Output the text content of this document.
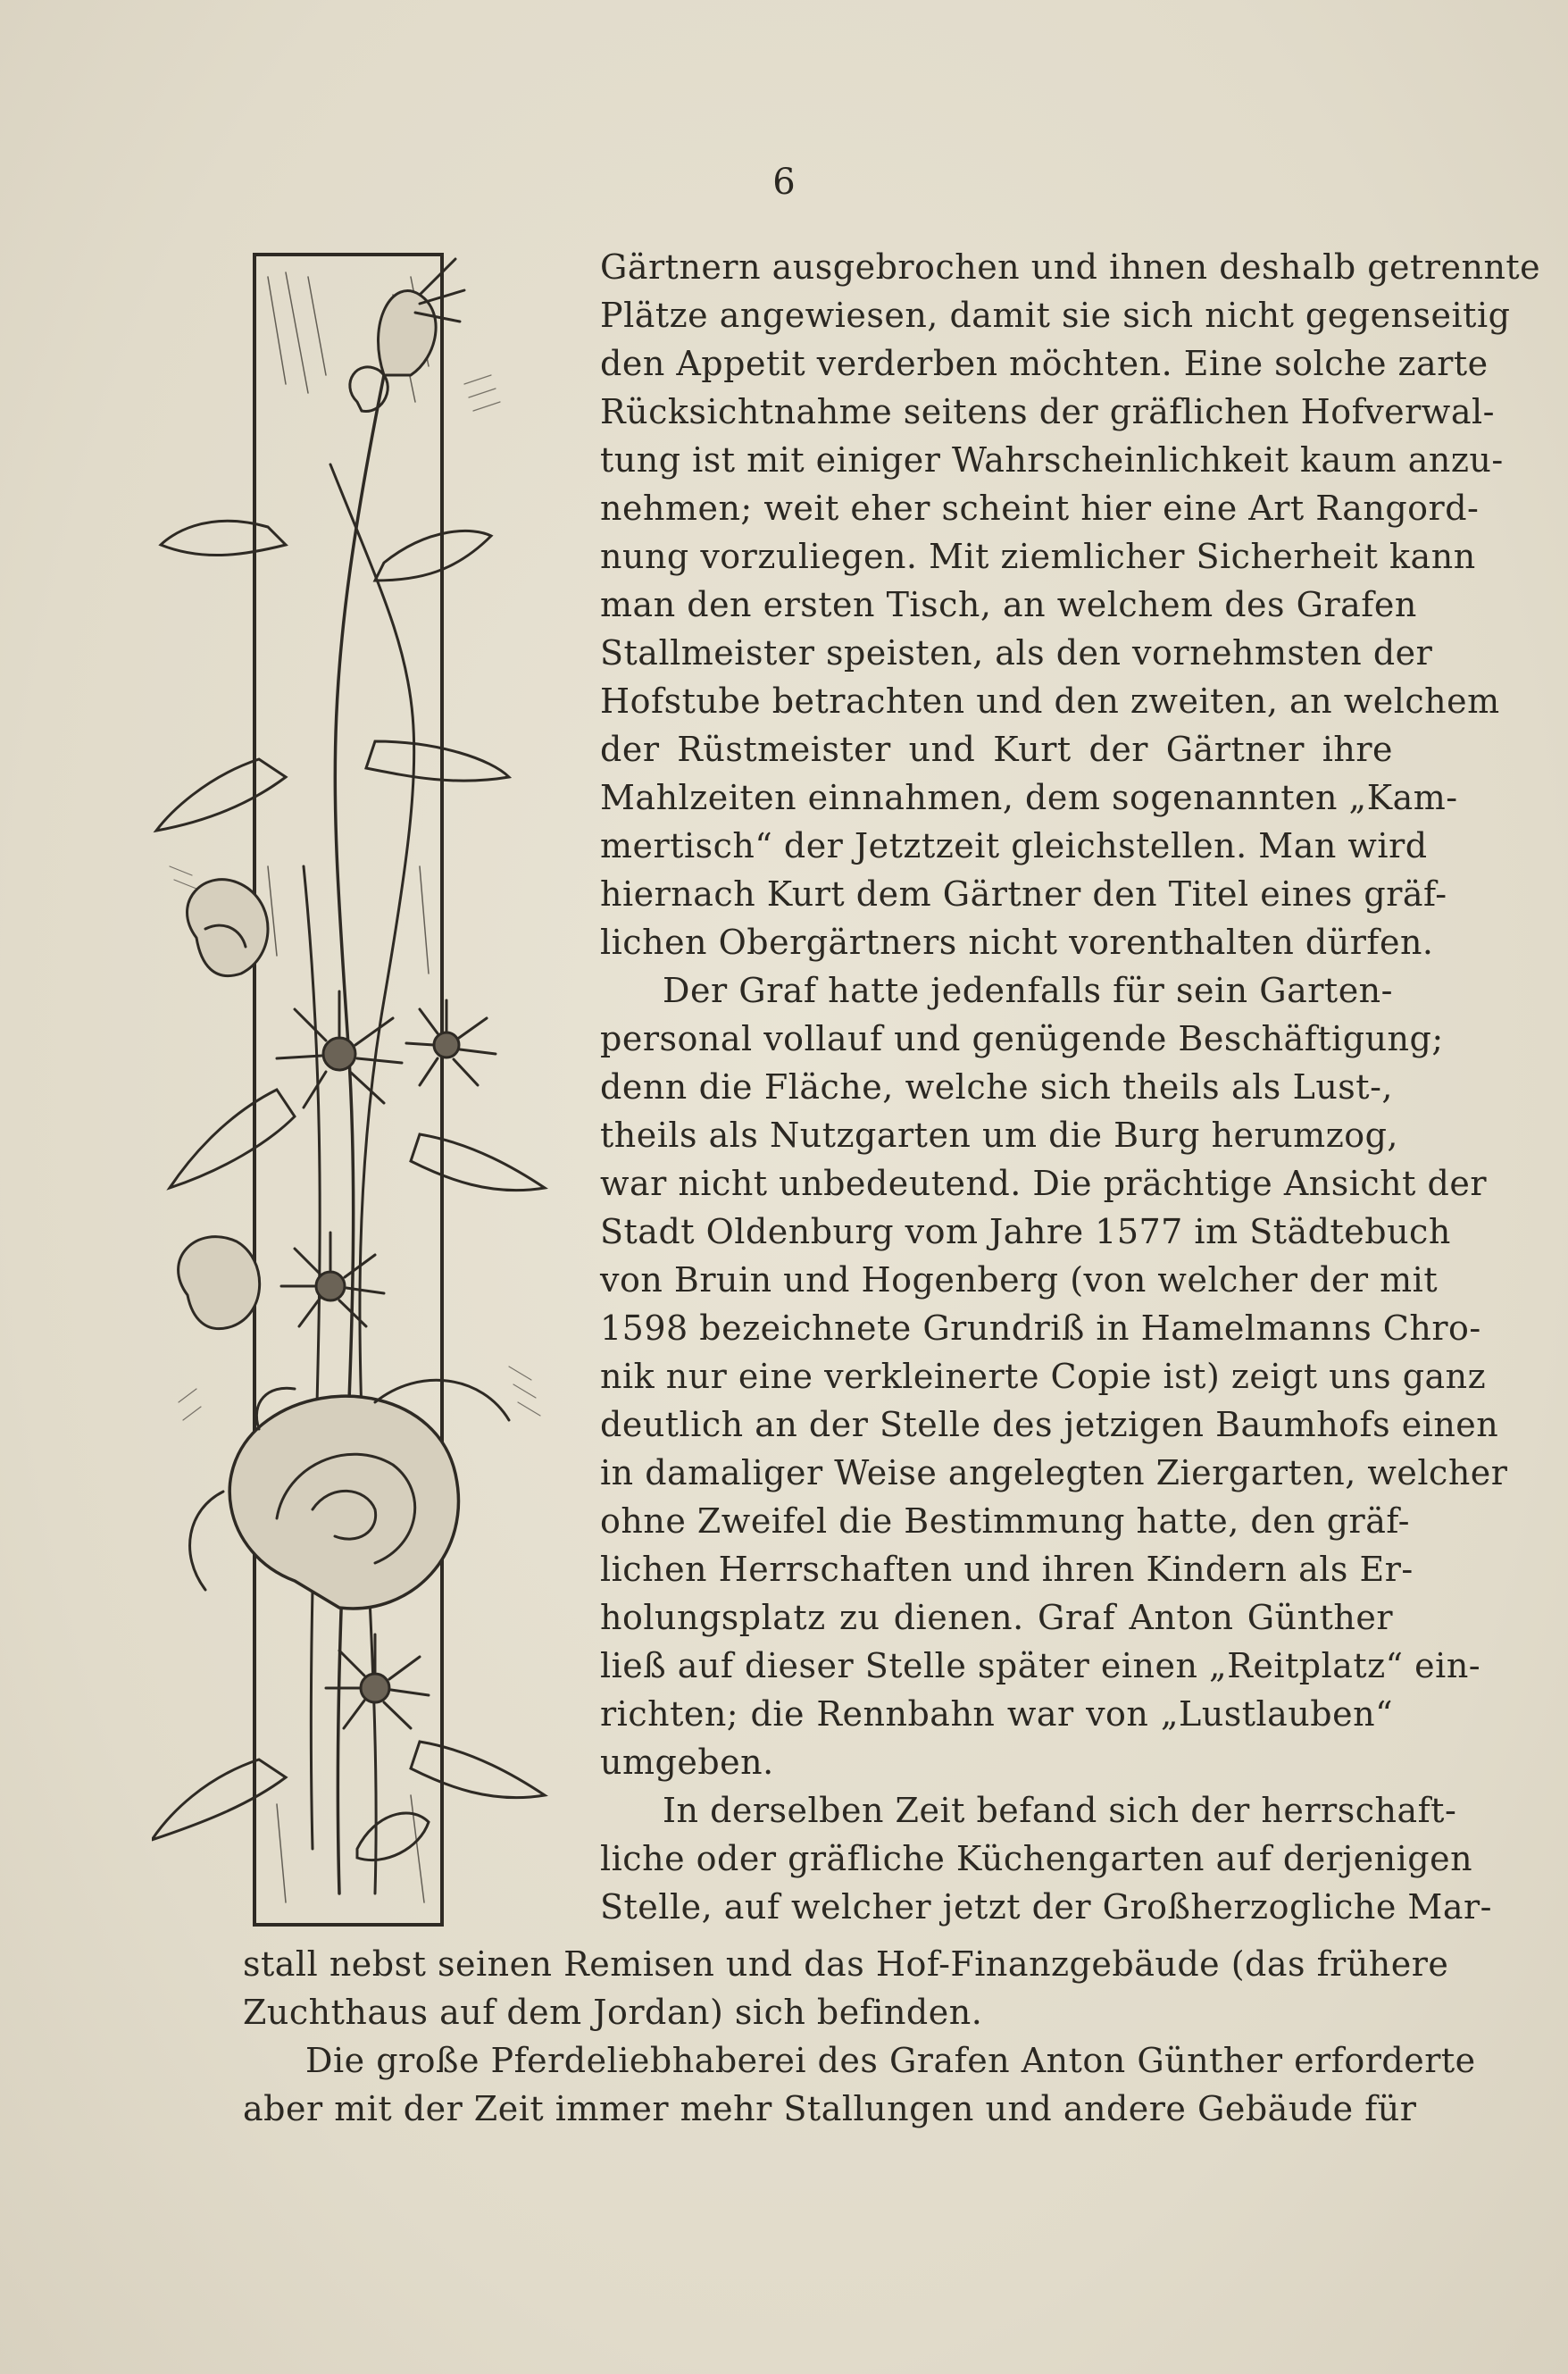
6
Gärtnern ausgebrochen und ihnen deshalb getrennte
Plätze angewiesen, damit sie sich nicht gegenseitig
den Appetit verderben möchten. Eine solche zarte
Rücksichtnahme seitens der gräflichen Hofverwal-
tung ist mit einiger Wahrscheinlichkeit kaum anzu-
nehmen; weit eher scheint hier eine Art Rangord-
nung vorzuliegen. Mit ziemlicher Sicherheit kann
man den ersten Tisch, an welchem des Grafen
Stallmeister speisten, als den vornehmsten der
Hofstube betrachten und den zweiten, an welchem
der Rüstmeister und Kurt der Gärtner ihre
Mahlzeiten einnahmen, dem sogenannten „Kam-
mertisch“ der Jetztzeit gleichstellen. Man wird
hiernach Kurt dem Gärtner den Titel eines gräf-
lichen Obergärtners nicht vorenthalten dürfen.
Der Graf hatte jedenfalls für sein Garten-
personal vollauf und genügende Beschäftigung;
denn die Fläche, welche sich theils als Lust-,
theils als Nutzgarten um die Burg herumzog,
war nicht unbedeutend. Die prächtige Ansicht der
Stadt Oldenburg vom Jahre 1577 im Städtebuch
von Bruin und Hogenberg (von welcher der mit
1598 bezeichnete Grundriß in Hamelmanns Chro-
nik nur eine verkleinerte Copie ist) zeigt uns ganz
deutlich an der Stelle des jetzigen Baumhofs einen
in damaliger Weise angelegten Ziergarten, welcher
ohne Zweifel die Bestimmung hatte, den gräf-
lichen Herrschaften und ihren Kindern als Er-
holungsplatz zu dienen. Graf Anton Günther
ließ auf dieser Stelle später einen „Reitplatz“ ein-
richten; die Rennbahn war von „Lustlauben“
umgeben.
In derselben Zeit befand sich der herrschaft-
liche oder gräfliche Küchengarten auf derjenigen
Stelle, auf welcher jetzt der Großherzogliche Mar-
stall nebst seinen Remisen und das Hof-Finanzgebäude (das frühere
Zuchthaus auf dem Jordan) sich befinden.
Die große Pferdeliebhaberei des Grafen Anton Günther erforderte
aber mit der Zeit immer mehr Stallungen und andere Gebäude für
